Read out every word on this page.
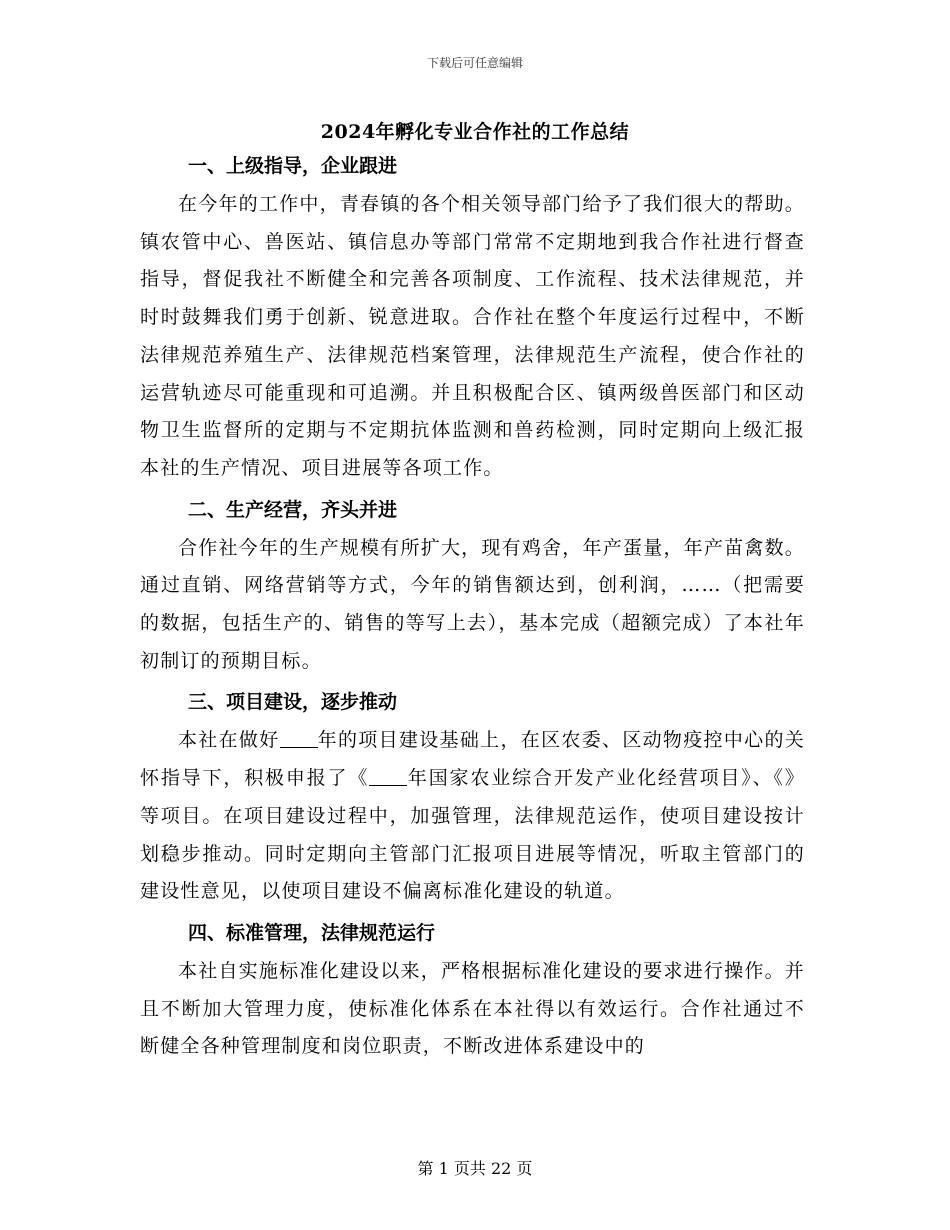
下载后可任意编辑
2024年孵化专业合作社的工作总结
一、上级指导，企业跟进

在今年的工作中，青春镇的各个相关领导部门给予了我们很大的帮助。镇农管中心、兽医站、镇信息办等部门常常不定期地到我合作社进行督查指导，督促我社不断健全和完善各项制度、工作流程、技术法律规范，并时时鼓舞我们勇于创新、锐意进取。合作社在整个年度运行过程中，不断法律规范养殖生产、法律规范档案管理，法律规范生产流程，使合作社的运营轨迹尽可能重现和可追溯。并且积极配合区、镇两级兽医部门和区动物卫生监督所的定期与不定期抗体监测和兽药检测，同时定期向上级汇报本社的生产情况、项目进展等各项工作。

二、生产经营，齐头并进

合作社今年的生产规模有所扩大，现有鸡舍，年产蛋量，年产苗禽数。通过直销、网络营销等方式，今年的销售额达到，创利润，……（把需要的数据，包括生产的、销售的等写上去），基本完成（超额完成）了本社年初制订的预期目标。

三、项目建设，逐步推动

本社在做好 年的项目建设基础上，在区农委、区动物疫控中心的关怀指导下，积极申报了《 年国家农业综合开发产业化经营项目》、《》等项目。在项目建设过程中，加强管理，法律规范运作，使项目建设按计划稳步推动。同时定期向主管部门汇报项目进展等情况，听取主管部门的建设性意见，以使项目建设不偏离标准化建设的轨道。

四、标准管理，法律规范运行

本社自实施标准化建设以来，严格根据标准化建设的要求进行操作。并且不断加大管理力度，使标准化体系在本社得以有效运行。合作社通过不断健全各种管理制度和岗位职责，不断改进体系建设中的

第 1 页共 22 页
